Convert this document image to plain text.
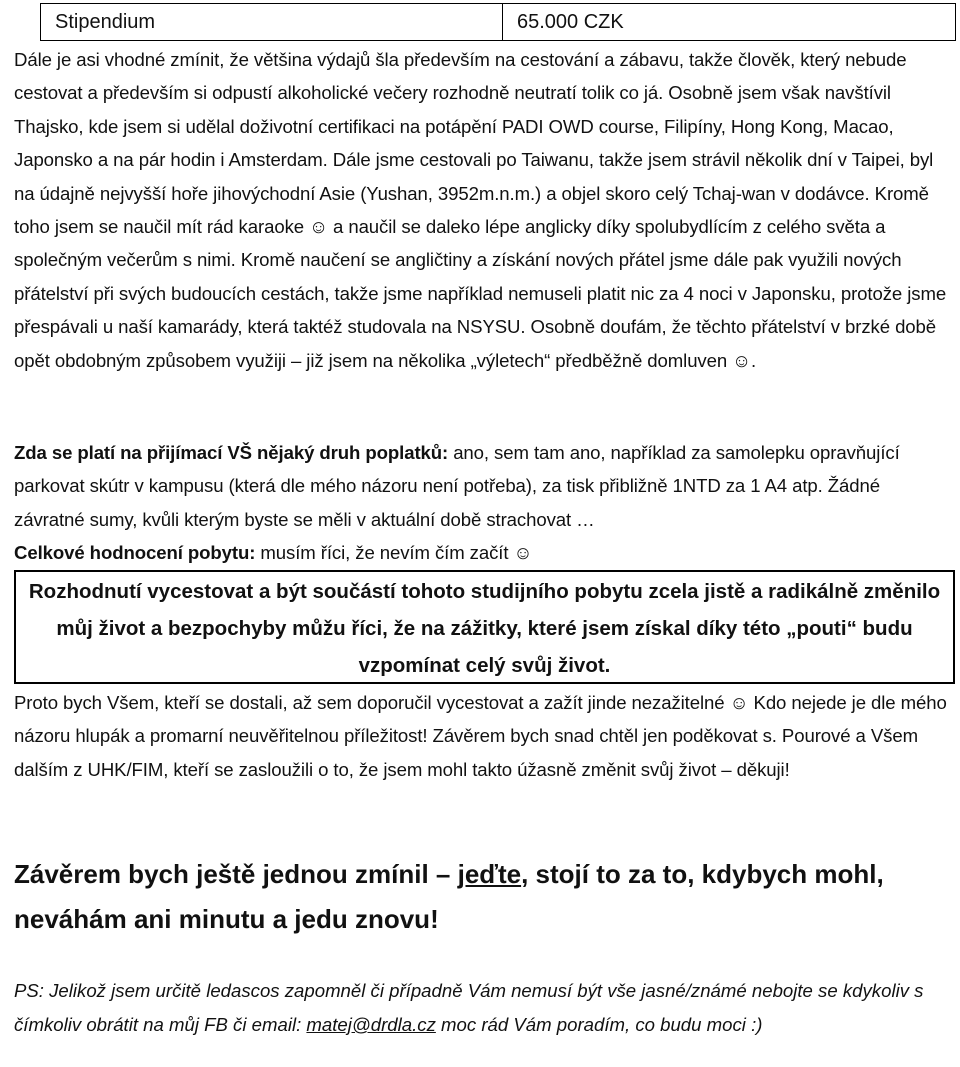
Stipendium	65.000 CZK
Dále je asi vhodné zmínit, že většina výdajů šla především na cestování a zábavu, takže člověk, který nebude cestovat a především si odpustí alkoholické večery rozhodně neutratí tolik co já. Osobně jsem však navštívil Thajsko, kde jsem si udělal doživotní certifikaci na potápění PADI OWD course, Filipíny, Hong Kong, Macao, Japonsko a na pár hodin i Amsterdam. Dále jsme cestovali po Taiwanu, takže jsem strávil několik dní v Taipei, byl na údajně nejvyšší hoře jihovýchodní Asie (Yushan, 3952m.n.m.) a objel skoro celý Tchaj-wan v dodávce. Kromě toho jsem se naučil mít rád karaoke ☺ a naučil se daleko lépe anglicky díky spolubydlícím z celého světa a společným večerům s nimi. Kromě naučení se angličtiny a získání nových přátel jsme dále pak využili nových přátelství při svých budoucích cestách, takže jsme například nemuseli platit nic za 4 noci v Japonsku, protože jsme přespávali u naší kamarády, která taktéž studovala na NSYSU. Osobně doufám, že těchto přátelství v brzké době opět obdobným způsobem využiji – již jsem na několika „výletech“ předběžně domluven ☺.
Zda se platí na přijímací VŠ nějaký druh poplatků: ano, sem tam ano, například za samolepku opravňující parkovat skútr v kampusu (která dle mého názoru není potřeba), za tisk přibližně 1NTD za 1 A4 atp. Žádné závratné sumy, kvůli kterým byste se měli v aktuální době strachovat …
Celkové hodnocení pobytu: musím říci, že nevím čím začít ☺
Rozhodnutí vycestovat a být součástí tohoto studijního pobytu zcela jistě a radikálně změnilo můj život a bezpochyby můžu říci, že na zážitky, které jsem získal díky této „pouti“ budu vzpomínat celý svůj život.
Proto bych Všem, kteří se dostali, až sem doporučil vycestovat a zažít jinde nezažitelné ☺ Kdo nejede je dle mého názoru hlupák a promarní neuvěřitelnou příležitost! Závěrem bych snad chtěl jen poděkovat s. Pourové a Všem dalším z UHK/FIM, kteří se zasloužili o to, že jsem mohl takto úžasně změnit svůj život – děkuji!
Závěrem bych ještě jednou zmínil – jeďte, stojí to za to, kdybych mohl, neváhám ani minutu a jedu znovu!
PS: Jelikož jsem určitě ledascos zapomněl či případně Vám nemusí být vše jasné/známé nebojte se kdykoliv s čímkoliv obrátit na můj FB či email: matej@drdla.cz moc rád Vám poradím, co budu moci :)
